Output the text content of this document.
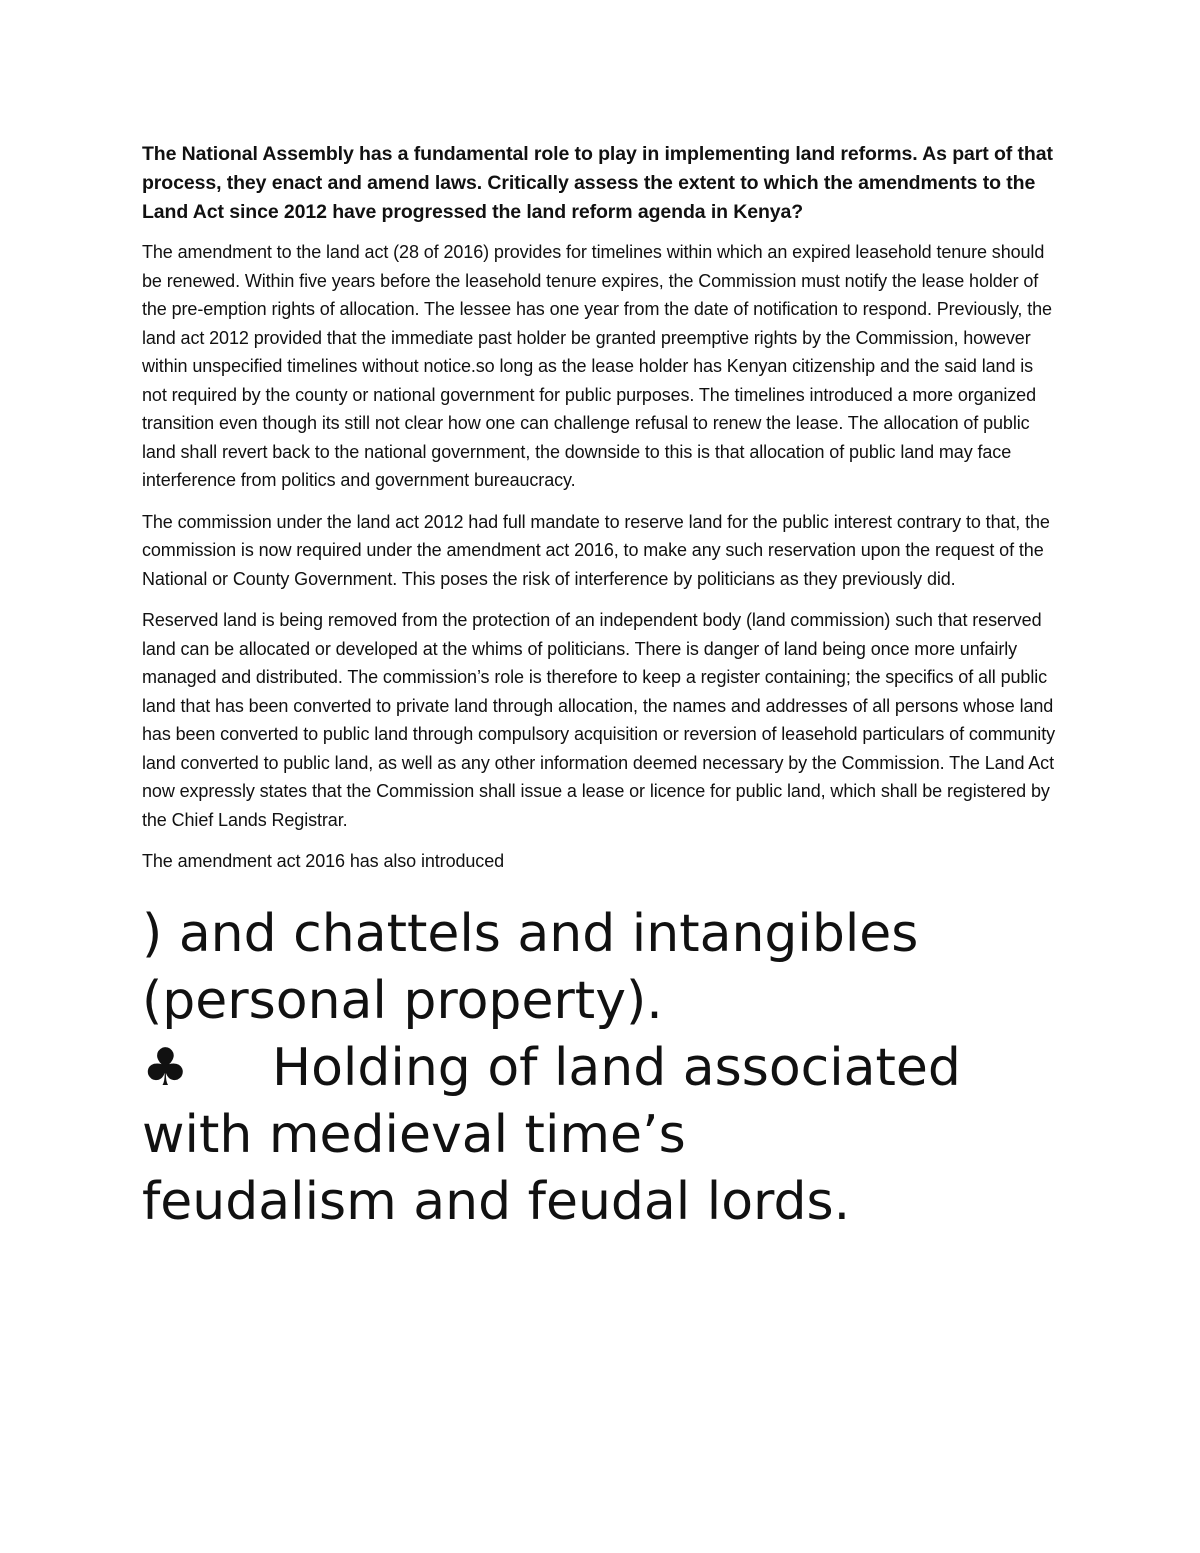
The National Assembly has a fundamental role to play in implementing land reforms. As part of that process, they enact and amend laws. Critically assess the extent to which the amendments to the Land Act since 2012 have progressed the land reform agenda in Kenya?

The amendment to the land act (28 of 2016) provides for timelines within which an expired leasehold tenure should be renewed. Within five years before the leasehold tenure expires, the Commission must notify the lease holder of the pre-emption rights of allocation. The lessee has one year from the date of notification to respond. Previously, the land act 2012 provided that the immediate past holder be granted preemptive rights by the Commission, however within unspecified timelines without notice.so long as the lease holder has Kenyan citizenship and the said land is not required by the county or national government for public purposes. The timelines introduced a more organized transition even though its still not clear how one can challenge refusal to renew the lease. The allocation of public land shall revert back to the national government, the downside to this is that allocation of public land may face interference from politics and government bureaucracy.

The commission under the land act 2012 had full mandate to reserve land for the public interest contrary to that, the commission is now required under the amendment act 2016, to make any such reservation upon the request of the National or County Government. This poses the risk of interference by politicians as they previously did.

Reserved land is being removed from the protection of an independent body (land commission) such that reserved land can be allocated or developed at the whims of politicians. There is danger of land being once more unfairly managed and distributed. The commission’s role is therefore to keep a register containing; the specifics of all public land that has been converted to private land through allocation, the names and addresses of all persons whose land has been converted to public land through compulsory acquisition or reversion of leasehold particulars of community land converted to public land, as well as any other information deemed necessary by the Commission. The Land Act now expressly states that the Commission shall issue a lease or licence for public land, which shall be registered by the Chief Lands Registrar.

The amendment act 2016 has also introduced

) and chattels and intangibles
(personal property).
♣ Holding of land associated
with medieval time’s
feudalism and feudal lords.
